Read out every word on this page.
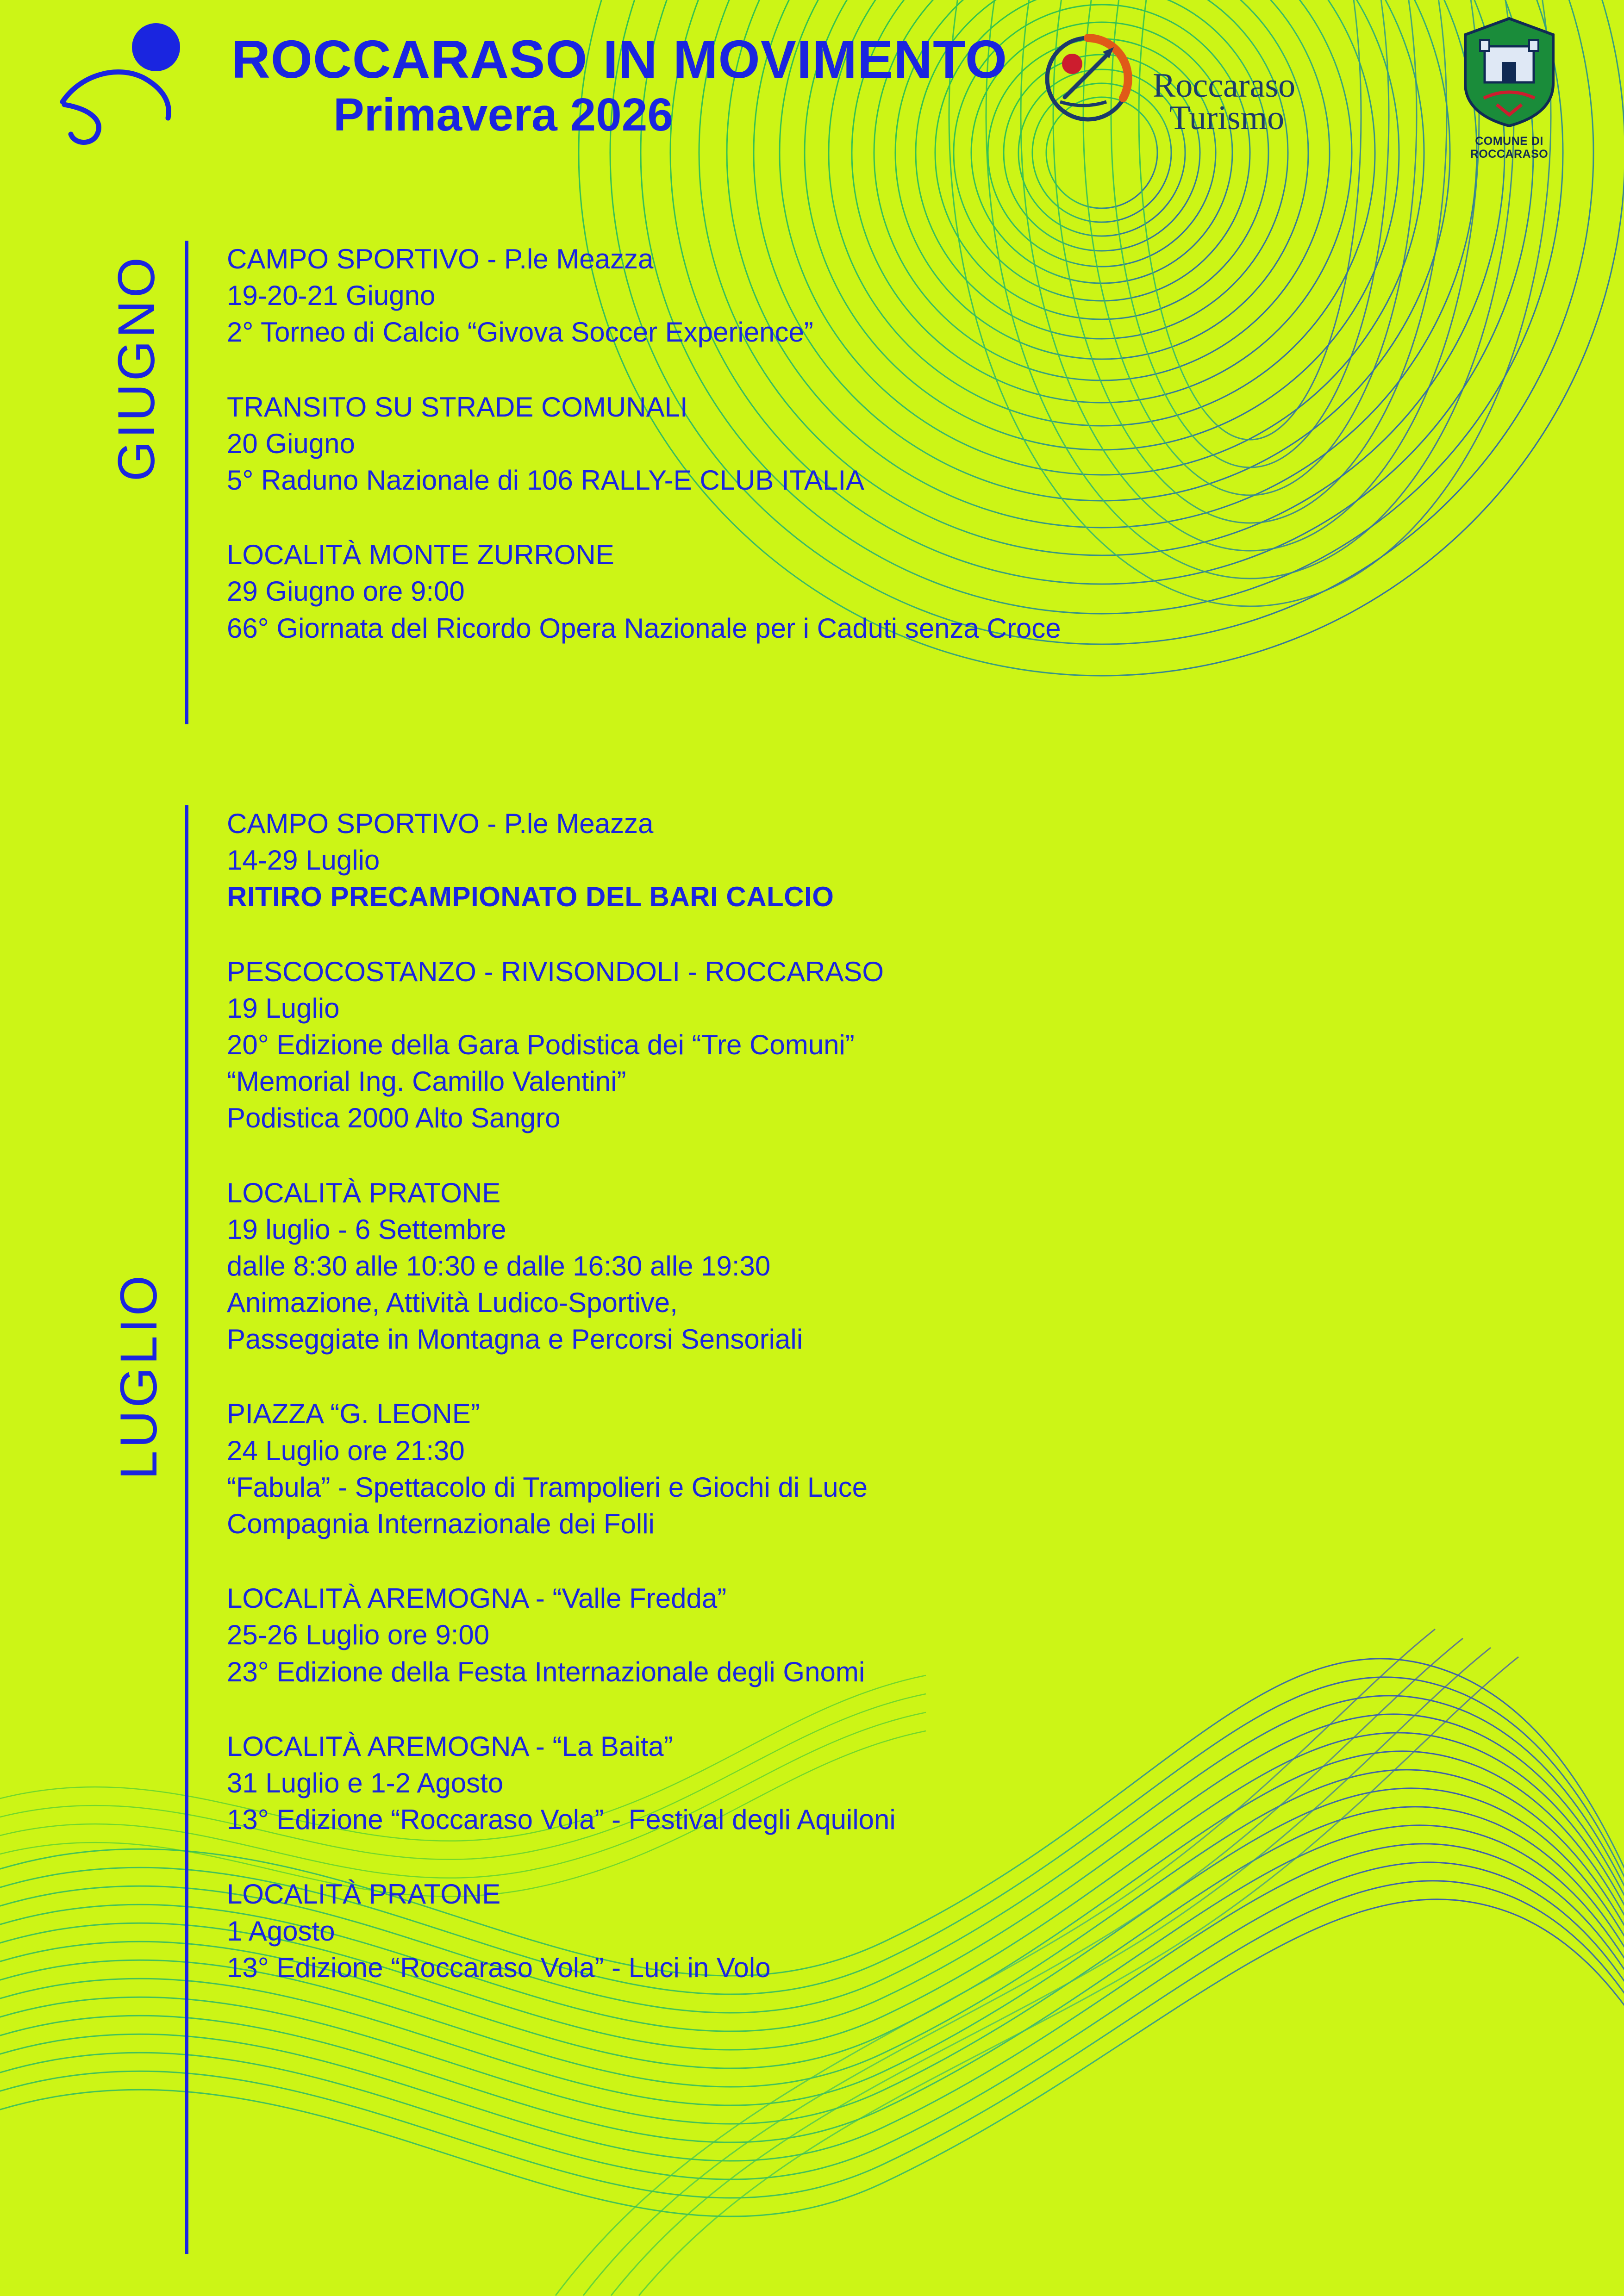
ROCCARASO IN MOVIMENTO
Primavera 2026
Roccaraso
Turismo
COMUNE DI
ROCCARASO
GIUGNO CAMPO SPORTIVO - P.le Meazza
19-20-21 Giugno
2° Torneo di Calcio “Givova Soccer Experience”
TRANSITO SU STRADE COMUNALI
20 Giugno
5° Raduno Nazionale di 106 RALLY-E CLUB ITALIA
LOCALITÀ MONTE ZURRONE
29 Giugno ore 9:00
66° Giornata del Ricordo Opera Nazionale per i Caduti senza Croce
LUGLIO
CAMPO SPORTIVO - P.le Meazza
14-29 Luglio
RITIRO PRECAMPIONATO DEL BARI CALCIO
PESCOCOSTANZO - RIVISONDOLI - ROCCARASO
19 Luglio
20° Edizione della Gara Podistica dei “Tre Comuni”
“Memorial Ing. Camillo Valentini”
Podistica 2000 Alto Sangro
LOCALITÀ PRATONE
19 luglio - 6 Settembre
dalle 8:30 alle 10:30 e dalle 16:30 alle 19:30
Animazione, Attività Ludico-Sportive,
Passeggiate in Montagna e Percorsi Sensoriali
PIAZZA “G. LEONE”
24 Luglio ore 21:30
“Fabula” - Spettacolo di Trampolieri e Giochi di Luce
Compagnia Internazionale dei Folli
LOCALITÀ AREMOGNA - “Valle Fredda”
25-26 Luglio ore 9:00
23° Edizione della Festa Internazionale degli Gnomi
LOCALITÀ AREMOGNA - “La Baita”
31 Luglio e 1-2 Agosto
13° Edizione “Roccaraso Vola” - Festival degli Aquiloni
LOCALITÀ PRATONE
1 Agosto
13° Edizione “Roccaraso Vola” - Luci in Volo
